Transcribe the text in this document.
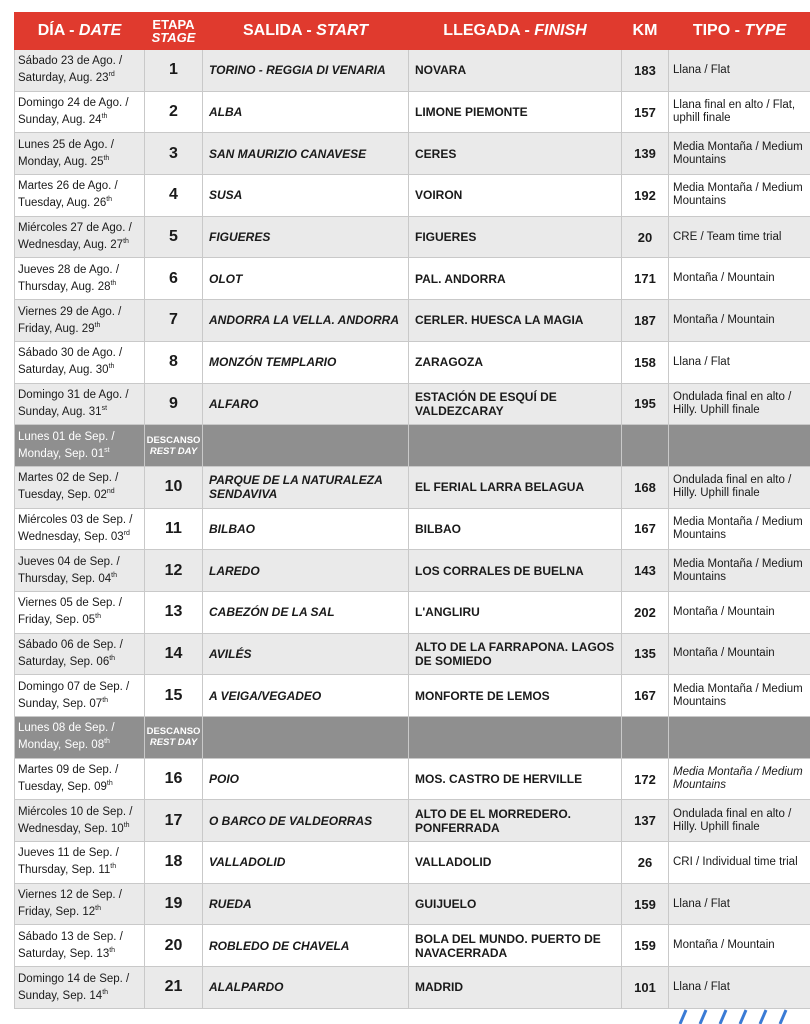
DÍA - DATE	ETAPA
STAGE	SALIDA - START	LLEGADA - FINISH	KM	TIPO - TYPE
Sábado 23 de Ago. /
Saturday, Aug. 23rd	1	TORINO - REGGIA DI VENARIA	NOVARA	183	Llana / Flat
Domingo 24 de Ago. /
Sunday, Aug. 24th	2	ALBA	LIMONE PIEMONTE	157	Llana final en alto / Flat, uphill finale
Lunes 25 de Ago. /
Monday, Aug. 25th	3	SAN MAURIZIO CANAVESE	CERES	139	Media Montaña / Medium Mountains
Martes 26 de Ago. /
Tuesday, Aug. 26th	4	SUSA	VOIRON	192	Media Montaña / Medium Mountains
Miércoles 27 de Ago. /
Wednesday, Aug. 27th	5	FIGUERES	FIGUERES	20	CRE / Team time trial
Jueves 28 de Ago. /
Thursday, Aug. 28th	6	OLOT	PAL. ANDORRA	171	Montaña / Mountain
Viernes 29 de Ago. /
Friday, Aug. 29th	7	ANDORRA LA VELLA. ANDORRA	CERLER. HUESCA LA MAGIA	187	Montaña / Mountain
Sábado 30 de Ago. /
Saturday, Aug. 30th	8	MONZÓN TEMPLARIO	ZARAGOZA	158	Llana / Flat
Domingo 31 de Ago. /
Sunday, Aug. 31st	9	ALFARO	ESTACIÓN DE ESQUÍ DE VALDEZCARAY	195	Ondulada final en alto / Hilly. Uphill finale
Lunes 01 de Sep. /
Monday, Sep. 01st	DESCANSO
REST DAY				

Martes 02 de Sep. /
Tuesday, Sep. 02nd	10	PARQUE DE LA NATURALEZA SENDAVIVA	EL FERIAL LARRA BELAGUA	168	Ondulada final en alto / Hilly. Uphill finale
Miércoles 03 de Sep. /
Wednesday, Sep. 03rd	11	BILBAO	BILBAO	167	Media Montaña / Medium Mountains
Jueves 04 de Sep. /
Thursday, Sep. 04th	12	LAREDO	LOS CORRALES DE BUELNA	143	Media Montaña / Medium Mountains
Viernes 05 de Sep. /
Friday, Sep. 05th	13	CABEZÓN DE LA SAL	L'ANGLIRU	202	Montaña / Mountain
Sábado 06 de Sep. /
Saturday, Sep. 06th	14	AVILÉS	ALTO DE LA FARRAPONA. LAGOS DE SOMIEDO	135	Montaña / Mountain
Domingo 07 de Sep. /
Sunday, Sep. 07th	15	A VEIGA/VEGADEO	MONFORTE DE LEMOS	167	Media Montaña / Medium Mountains
Lunes 08 de Sep. /
Monday, Sep. 08th	DESCANSO
REST DAY				

Martes 09 de Sep. /
Tuesday, Sep. 09th	16	POIO	MOS. CASTRO DE HERVILLE	172	Media Montaña / Medium Mountains
Miércoles 10 de Sep. /
Wednesday, Sep. 10th	17	O BARCO DE VALDEORRAS	ALTO DE EL MORREDERO. PONFERRADA	137	Ondulada final en alto / Hilly. Uphill finale
Jueves 11 de Sep. /
Thursday, Sep. 11th	18	VALLADOLID	VALLADOLID	26	CRI / Individual time trial
Viernes 12 de Sep. /
Friday, Sep. 12th	19	RUEDA	GUIJUELO	159	Llana / Flat
Sábado 13 de Sep. /
Saturday, Sep. 13th	20	ROBLEDO DE CHAVELA	BOLA DEL MUNDO. PUERTO DE NAVACERRADA	159	Montaña / Mountain
Domingo 14 de Sep. /
Sunday, Sep. 14th	21	ALALPARDO	MADRID	101	Llana / Flat
